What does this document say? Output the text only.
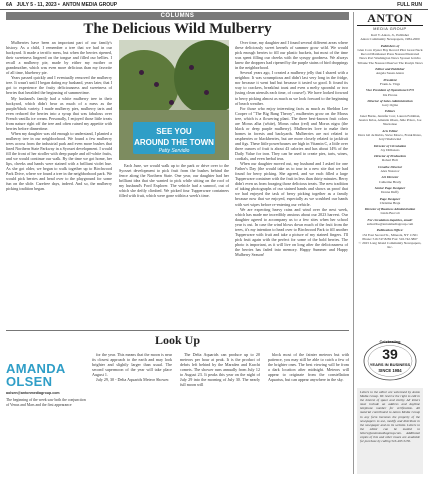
6A JULY 5 - 11, 2023 •  ANTON MEDIA GROUP	FULL RUN
COLUMNS
The Delicious Wild Mulberry

Mulberries have been an important part of our family's history. As a child, I remember a tree that we had in our backyard. It made a terrific mess, but when the berries ripened, their sweetness lingered on the tongue and filled our bellies. I recall a mulberry pie, made by either my mother or grandmother, which was even more delicious than my favorite of all time, blueberry pie.

Years passed quickly and I eventually removed the mulberry tree. It wasn't until I began dating my husband, years later, that I got to experience the fruity deliciousness and sweetness of berries that heralded the beginning of summertime.

My husband's family had a white mulberry tree in their backyard, which didn't bear as much of a mess as the purple/black variety. I made mulberry pies, mulberry tarts and even reduced the berries into a syrup that was fabulous over French vanilla ice cream. Personally, I enjoyed those little treats from nature right off the tree and often ruined my appetite with berries before dinnertime.

When my daughter was old enough to understand, I planted a mulberry tree in our neighborhood. We found a few mulberry trees across from the industrial park and even more bushes that lined Northern State Parkway in a Syosset development. I would fill the front of her stroller with deep purple and off-white fruits, and we would continue our walk. By the time we got home, her lips, cheeks and hands were stained with a brilliant violet hue. As she got older, we began to walk together up to Birchwood Park Drive, where we found a tree in the neighborhood park. We would pick berries and head over to the playground for some fun on the slide. Carefree days, indeed. And so, the mulberry picking tradition began.

SEE YOU
AROUND THE TOWN
Patty Servidio

Each June, we would walk up to the park or drive over to the Syosset development to pick fruit from the bushes behind the fence along the Northern State. One year, our daughter had her brilliant idea that she wanted to pick while sitting on the roof of my husband's Ford Explorer. The vehicle had a sunroof, out of which she deftly climbed. We picked four Tupperware containers filled with fruit, which were gone within a week's time.

Over time, my daughter and I found several different areas where these deliciously sweet kernels of summer grow wild. We would pick enough berries to fill our plastic buckets, but most of the time was spent filling our cheeks with the syrupy goodness. We always knew the droppers had ripened by the purple stains of bird droppings in the neighborhood.

Several years ago, I created a mulberry jelly that I shared with a neighbor. It was scrumptious and didn't last very long in the fridge, nor because it went bad but because it tasted so good. It found its way to crackers, breakfast toast and even a melty spoonful or two (using clean utensils each time, of course!). We have looked forward to berry picking almost as much as we look forward to the beginning of beach weather.

For those who enjoy interesting facts as much as Sheldon Lee Cooper of "The Big Bang Theory", mulberries grow on the Morus tree, which is a flowering plant. The three best-known fruit colors are Morus alba (white), Morus rubra (red) and Morus nigra (the black or deep purple mulberry). Mulberries love to make their homes in forests and backyards. Mulberries are not related to raspberries or blackberries, but are more closely related to jackfruit and figs. These little powerhouses are high in Vitamin C, a little over three ounces of fruit is about 43 calories and has about 14% of the Daily Value for iron. They can be used to create pies, tarts, wines, cordials, and even herbal teas.

When our daughter moved out, my husband and I asked for one Father's Day (the would take us to tour in a new site that we had found for berry picking. She agreed, and we each filled a large Tupperware container with the fruit in less than thirty minutes. Berry didn't even us from foraging those delicious treats. The new tradition of taking photographs of our stained hands and shows us proof that we had enjoyed the task of berry picking together as a family because now that we enjoyed, especially as we scrubbed our hands with wet wipes before re-entering our vehicle.

We are expecting heavy rains and wind over the next week, which has made me incredibly anxious about our 2023 harvest. Our daughter agreed to accompany us to a few sites when her school year is out. In case the wind blows down much of the fruit from the trees, it's my intention to head over to Birchwood Park to fill another Tupperware with fruit and take a picture of my stained fingers. I'll pick fruit again with the perfect for some of the bold berries. The photo is important, as it will live on long after the deliciousness of the berries has faded into memory. Happy Summer and Happy Mulberry Season!

Look Up
AMANDA
OLSEN
aolsen@antonmediagroup.com
The beginning of the week saw both the conjunction of Venus and Mars and the first appearance

for the year. This means that the moon is near its closest approach to the earth and may look brighter and slightly larger than usual. The second supermoon of the year will take place August 1.

July 29, 30 - Delta Aquarids Meteor Shower.

The Delta Aquarids can produce up to 20 meteors per hour at peak. It is the product of debris left behind by the Marsden and Kracht comets. The shower runs annually from July 12 to August 23. It peaks this year on the night of July 29 into the morning of July 30. The nearly full moon will

block most of the fainter meteors but with patience, you may still be able to catch a few of the brighter ones. The best viewing will be from a dark location after midnight. Meteors will appear to originate from the constellation Aquarius, but can appear anywhere in the sky.

ANTON
MEDIA GROUP
Karl V. Anton, Jr., Publisher
Anton Community Newspapers, 1984-2000
Publishers of
Glen Cove Oyster Bay Record Pilot Great Neck Record Manhasset Press Nassau Illustrated News Port Washington News Syosset Jericho Tribune The Nassau Observer The Roslyn News
Editor and Publisher
Angela Susan Anton
President
Frank A. Virga
Vice President of Operations/CFO
Iris Picone
Director of Sales Administration
Gary Ogina
Editors
Janet Burns, Jennifer Corr, Lauren Feldman, Jessica Kriss, Amanda Olsen, Julie Prisco, Joe Nuzzolese
Arts Editor
Dave Gil de Rubio, Steve Mosco, Frank Rizzo, Jeryl Shebrwind
Director of Circulation
Joy DiDonato
Director of Production
Robert Holt
Creative Director
Alex Nazarov
Art Director
Catherine Brady
Senior Page Designer
Donna Duffy
Page Designer
Christine Braja
Director of Business Administration
Linda Baccoli
For circulation inquiries, email:
subscribe@antonmediagroup.com
Publication Office:
132 East Second St., Mineola, NY 11501 Phone: 516.747.8282 Fax: 516.742.5867
© 2023 Long Island Community Newspapers, Inc.
Celebrating
39
YEARS IN BUSINESS
SINCE 1984
Letters to the editor are welcomed by Anton Media Group. We reserve the right to edit in the interest of space and clarity. All letters must include an address and daytime telephone number for verification. All material contributed to Anton Media Group in any form becomes the property of the newspapers to use, modify and distribute in the newspaper and on its website. Letters to the editor can be mailed to letters@antonmediagroup.com. Additional copies of this and other issues are available for purchase by calling 516-403-5136.
